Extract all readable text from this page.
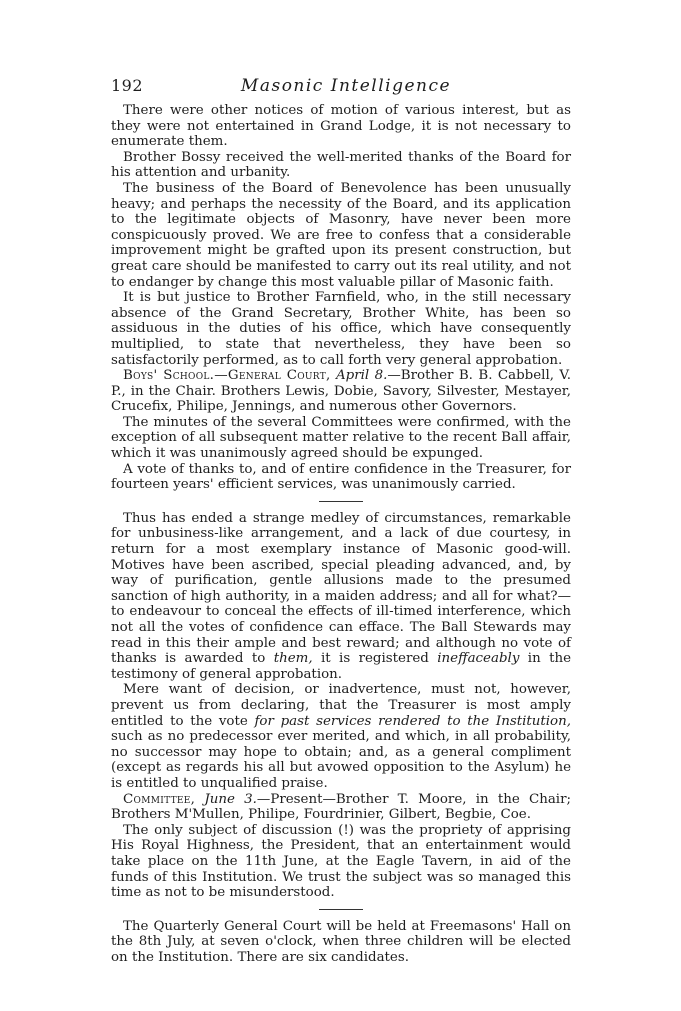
192	Masonic Intelligence

There were other notices of motion of various interest, but as they were not entertained in Grand Lodge, it is not necessary to enumerate them.

Brother Bossy received the well-merited thanks of the Board for his attention and urbanity.

The business of the Board of Benevolence has been unusually heavy; and perhaps the necessity of the Board, and its application to the legitimate objects of Masonry, have never been more conspicuously proved. We are free to confess that a considerable improvement might be grafted upon its present construction, but great care should be manifested to carry out its real utility, and not to endanger by change this most valuable pillar of Masonic faith.

It is but justice to Brother Farnfield, who, in the still necessary absence of the Grand Secretary, Brother White, has been so assiduous in the duties of his office, which have consequently multiplied, to state that nevertheless, they have been so satisfactorily performed, as to call forth very general approbation.

Boys' School.—General Court, April 8.—Brother B. B. Cabbell, V. P., in the Chair. Brothers Lewis, Dobie, Savory, Silvester, Mestayer, Crucefix, Philipe, Jennings, and numerous other Governors.

The minutes of the several Committees were confirmed, with the exception of all subsequent matter relative to the recent Ball affair, which it was unanimously agreed should be expunged.

A vote of thanks to, and of entire confidence in the Treasurer, for fourteen years' efficient services, was unanimously carried.

Thus has ended a strange medley of circumstances, remarkable for unbusiness-like arrangement, and a lack of due courtesy, in return for a most exemplary instance of Masonic good-will. Motives have been ascribed, special pleading advanced, and, by way of purification, gentle allusions made to the presumed sanction of high authority, in a maiden address; and all for what?—to endeavour to conceal the effects of ill-timed interference, which not all the votes of confidence can efface. The Ball Stewards may read in this their ample and best reward; and although no vote of thanks is awarded to them, it is registered ineffaceably in the testimony of general approbation.

Mere want of decision, or inadvertence, must not, however, prevent us from declaring, that the Treasurer is most amply entitled to the vote for past services rendered to the Institution, such as no predecessor ever merited, and which, in all probability, no successor may hope to obtain; and, as a general compliment (except as regards his all but avowed opposition to the Asylum) he is entitled to unqualified praise.

Committee, June 3.—Present—Brother T. Moore, in the Chair; Brothers M'Mullen, Philipe, Fourdrinier, Gilbert, Begbie, Coe.

The only subject of discussion (!) was the propriety of apprising His Royal Highness, the President, that an entertainment would take place on the 11th June, at the Eagle Tavern, in aid of the funds of this Institution. We trust the subject was so managed this time as not to be misunderstood.

The Quarterly General Court will be held at Freemasons' Hall on the 8th July, at seven o'clock, when three children will be elected on the Institution. There are six candidates.
